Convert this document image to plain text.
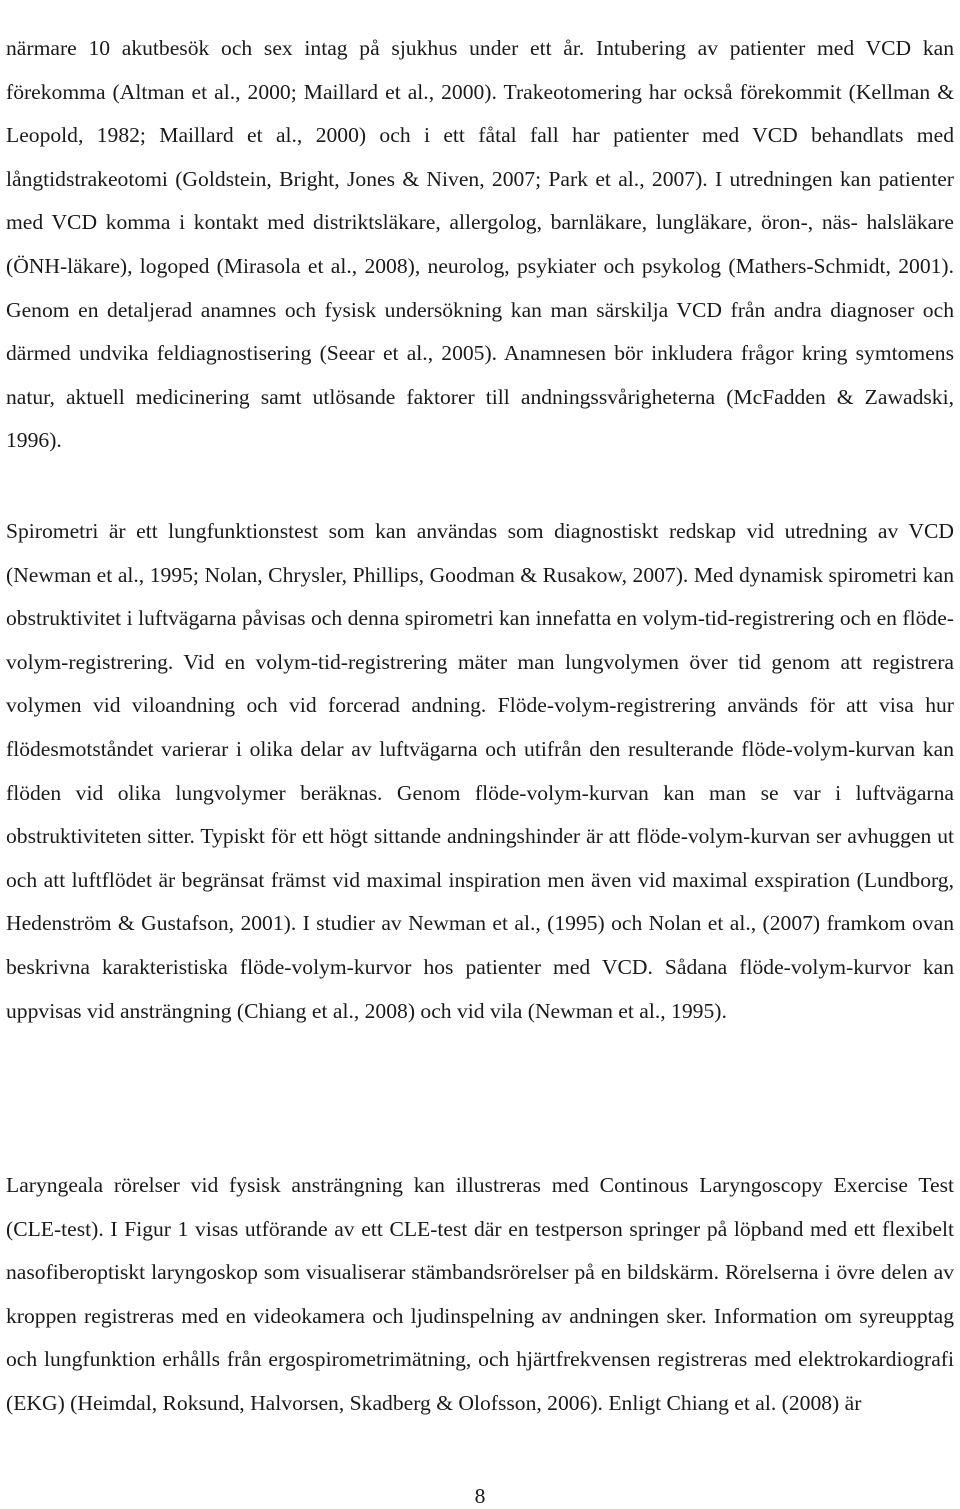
närmare 10 akutbesök och sex intag på sjukhus under ett år. Intubering av patienter med VCD kan förekomma (Altman et al., 2000; Maillard et al., 2000). Trakeotomering har också förekommit (Kellman & Leopold, 1982; Maillard et al., 2000) och i ett fåtal fall har patienter med VCD behandlats med långtidstrakeotomi (Goldstein, Bright, Jones & Niven, 2007; Park et al., 2007). I utredningen kan patienter med VCD komma i kontakt med distriktsläkare, allergolog, barnläkare, lungläkare, öron-, näs- halsläkare (ÖNH-läkare), logoped (Mirasola et al., 2008), neurolog, psykiater och psykolog (Mathers-Schmidt, 2001). Genom en detaljerad anamnes och fysisk undersökning kan man särskilja VCD från andra diagnoser och därmed undvika feldiagnostisering (Seear et al., 2005). Anamnesen bör inkludera frågor kring symtomens natur, aktuell medicinering samt utlösande faktorer till andningssvårigheterna (McFadden & Zawadski, 1996).

Spirometri är ett lungfunktionstest som kan användas som diagnostiskt redskap vid utredning av VCD (Newman et al., 1995; Nolan, Chrysler, Phillips, Goodman & Rusakow, 2007). Med dynamisk spirometri kan obstruktivitet i luftvägarna påvisas och denna spirometri kan innefatta en volym-tid-registrering och en flöde-volym-registrering. Vid en volym-tid-registrering mäter man lungvolymen över tid genom att registrera volymen vid viloandning och vid forcerad andning. Flöde-volym-registrering används för att visa hur flödesmotståndet varierar i olika delar av luftvägarna och utifrån den resulterande flöde-volym-kurvan kan flöden vid olika lungvolymer beräknas. Genom flöde-volym-kurvan kan man se var i luftvägarna obstruktiviteten sitter. Typiskt för ett högt sittande andningshinder är att flöde-volym-kurvan ser avhuggen ut och att luftflödet är begränsat främst vid maximal inspiration men även vid maximal exspiration (Lundborg, Hedenström & Gustafson, 2001). I studier av Newman et al., (1995) och Nolan et al., (2007) framkom ovan beskrivna karakteristiska flöde-volym-kurvor hos patienter med VCD. Sådana flöde-volym-kurvor kan uppvisas vid ansträngning (Chiang et al., 2008) och vid vila (Newman et al., 1995).

Laryngeala rörelser vid fysisk ansträngning kan illustreras med Continous Laryngoscopy Exercise Test (CLE-test). I Figur 1 visas utförande av ett CLE-test där en testperson springer på löpband med ett flexibelt nasofiberoptiskt laryngoskop som visualiserar stämbandsrörelser på en bildskärm. Rörelserna i övre delen av kroppen registreras med en videokamera och ljudinspelning av andningen sker. Information om syreupptag och lungfunktion erhålls från ergospirometrimätning, och hjärtfrekvensen registreras med elektrokardiografi (EKG) (Heimdal, Roksund, Halvorsen, Skadberg & Olofsson, 2006). Enligt Chiang et al. (2008) är

8
